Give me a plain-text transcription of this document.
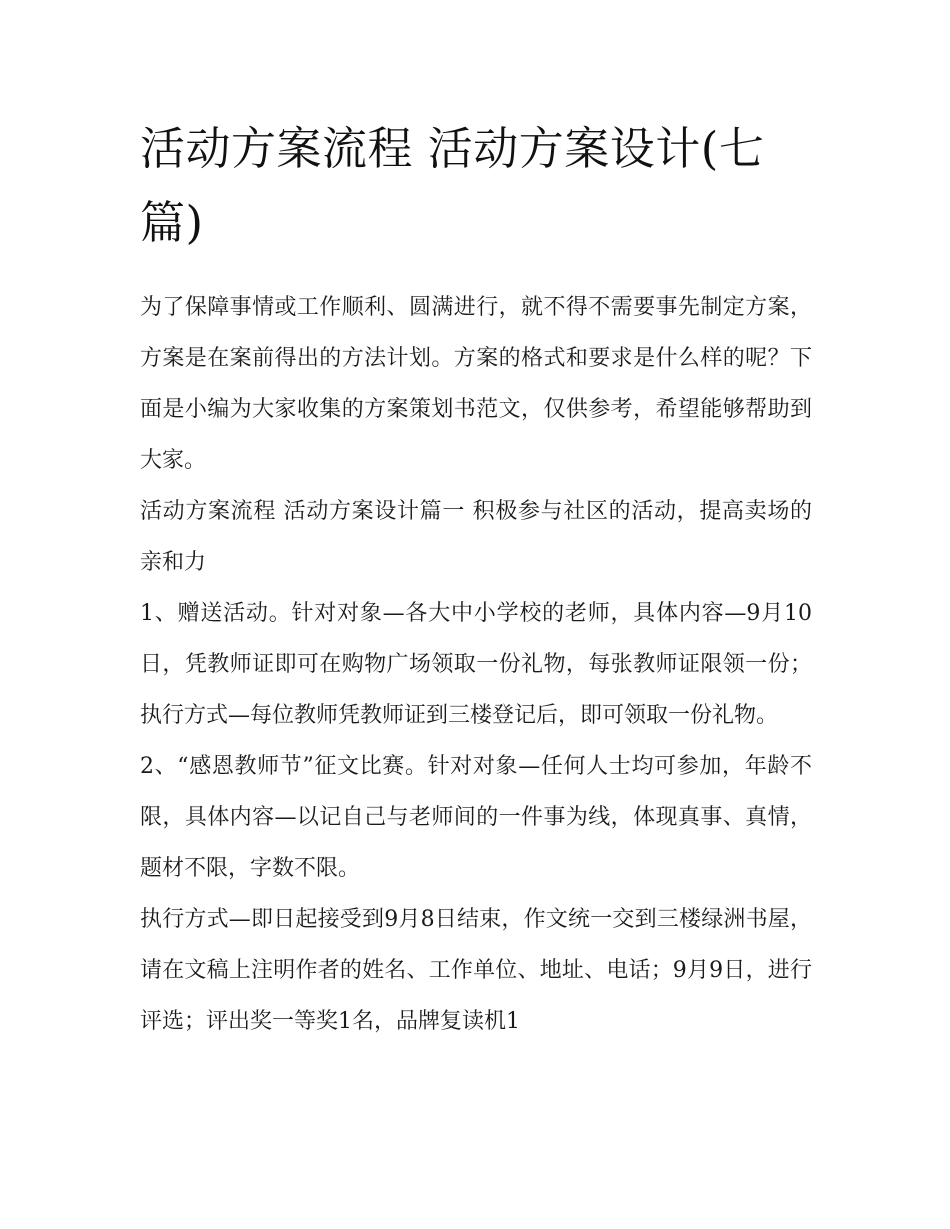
活动方案流程 活动方案设计(七篇)

为了保障事情或工作顺利、圆满进行，就不得不需要事先制定方案，方案是在案前得出的方法计划。方案的格式和要求是什么样的呢？下面是小编为大家收集的方案策划书范文，仅供参考，希望能够帮助到大家。

活动方案流程 活动方案设计篇一 积极参与社区的活动，提高卖场的亲和力

1、赠送活动。针对对象—各大中小学校的老师，具体内容—9月10日，凭教师证即可在购物广场领取一份礼物，每张教师证限领一份；执行方式—每位教师凭教师证到三楼登记后，即可领取一份礼物。

2、“感恩教师节”征文比赛。针对对象—任何人士均可参加，年龄不限，具体内容—以记自己与老师间的一件事为线，体现真事、真情，题材不限，字数不限。

执行方式—即日起接受到9月8日结束，作文统一交到三楼绿洲书屋，请在文稿上注明作者的姓名、工作单位、地址、电话；9月9日，进行评选；评出奖一等奖1名，品牌复读机1
